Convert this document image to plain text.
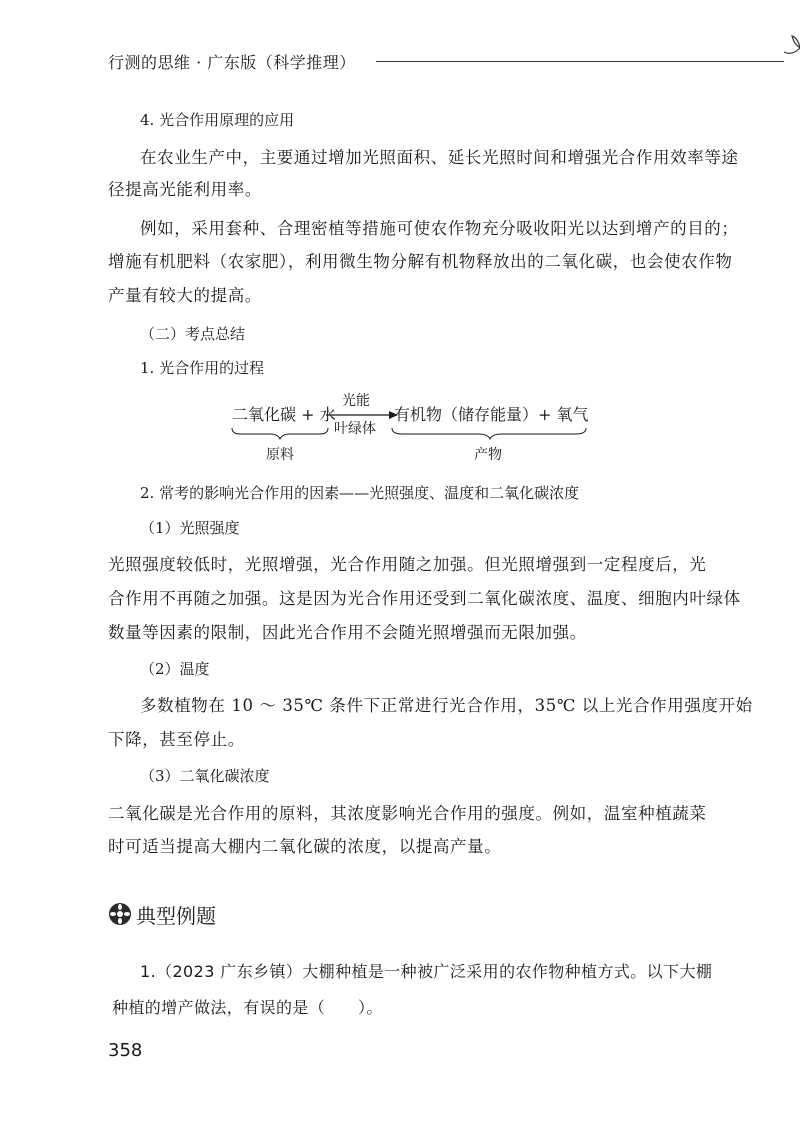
行测的思维 · 广东版（科学推理）
4. 光合作用原理的应用
在农业生产中，主要通过增加光照面积、延长光照时间和增强光合作用效率等途
径提高光能利用率。
例如，采用套种、合理密植等措施可使农作物充分吸收阳光以达到增产的目的；
增施有机肥料（农家肥），利用微生物分解有机物释放出的二氧化碳，也会使农作物
产量有较大的提高。
（二）考点总结
1. 光合作用的过程
二氧化碳 + 水
光能
叶绿体
有机物（储存能量）+ 氧气
原料	产物
2. 常考的影响光合作用的因素——光照强度、温度和二氧化碳浓度
（1）光照强度
光照强度较低时，光照增强，光合作用随之加强。但光照增强到一定程度后，光
合作用不再随之加强。这是因为光合作用还受到二氧化碳浓度、温度、细胞内叶绿体
数量等因素的限制，因此光合作用不会随光照增强而无限加强。
（2）温度
多数植物在 10 ～ 35℃ 条件下正常进行光合作用，35℃ 以上光合作用强度开始
下降，甚至停止。
（3）二氧化碳浓度
二氧化碳是光合作用的原料，其浓度影响光合作用的强度。例如，温室种植蔬菜
时可适当提高大棚内二氧化碳的浓度，以提高产量。
典型例题
1.（2023 广东乡镇）大棚种植是一种被广泛采用的农作物种植方式。以下大棚
种植的增产做法，有误的是（　　）。
358
